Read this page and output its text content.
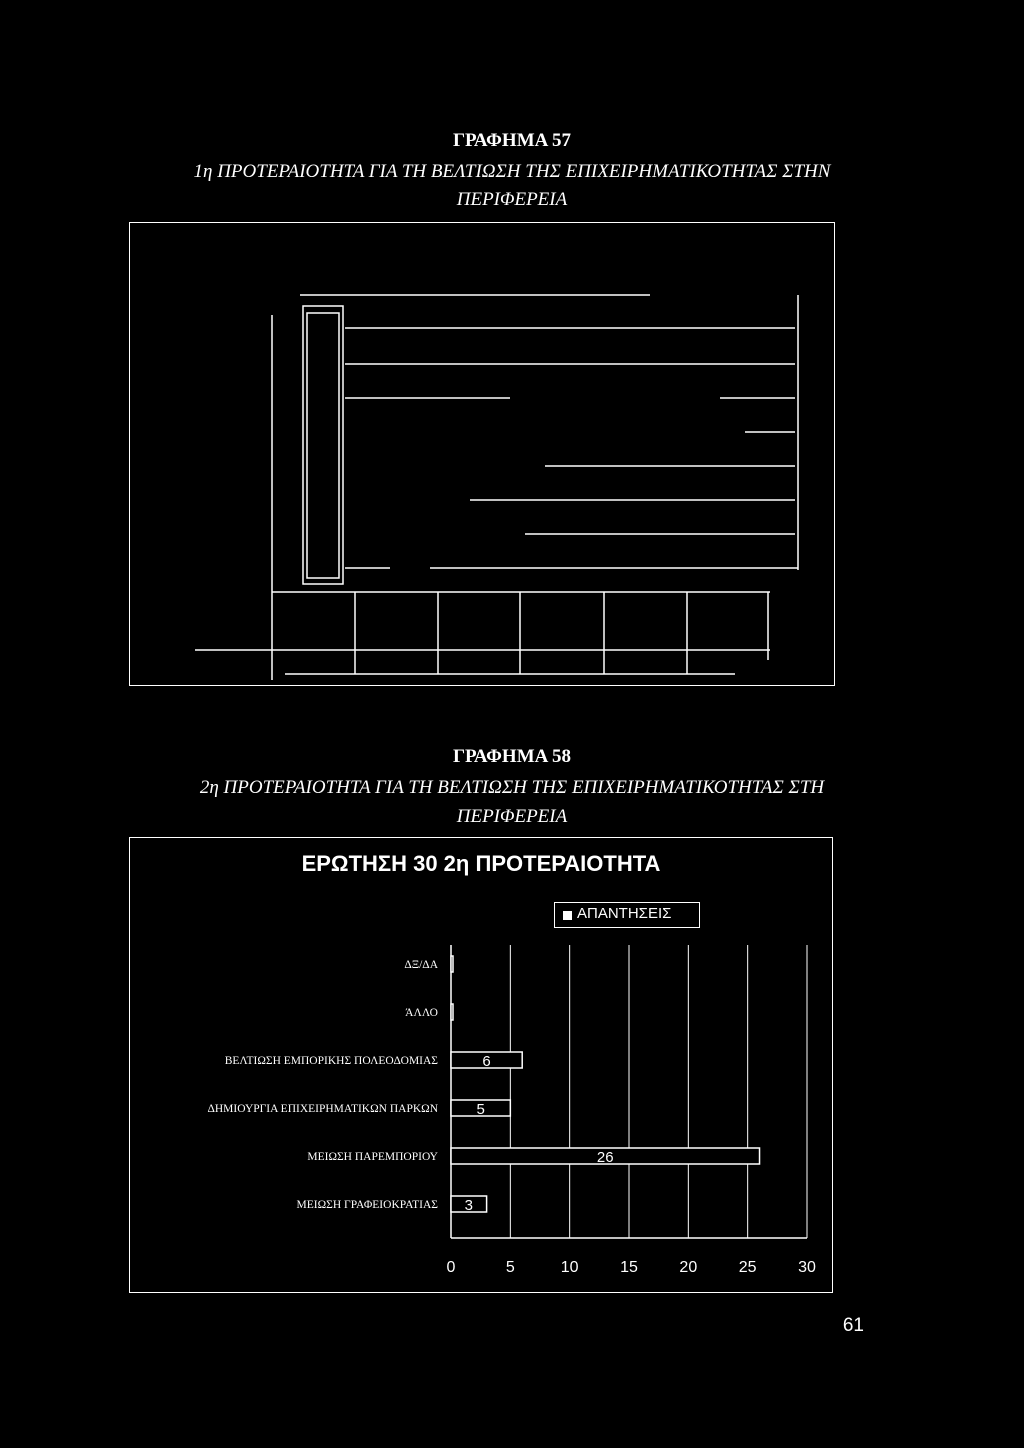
ΓΡΑΦΗΜΑ 57
1η ΠΡΟΤΕΡΑΙΟΤΗΤΑ ΓΙΑ ΤΗ ΒΕΛΤΙΩΣΗ ΤΗΣ ΕΠΙΧΕΙΡΗΜΑΤΙΚΟΤΗΤΑΣ ΣΤΗΝ
ΠΕΡΙΦΕΡΕΙΑ
ΓΡΑΦΗΜΑ 58
2η ΠΡΟΤΕΡΑΙΟΤΗΤΑ ΓΙΑ ΤΗ ΒΕΛΤΙΩΣΗ ΤΗΣ ΕΠΙΧΕΙΡΗΜΑΤΙΚΟΤΗΤΑΣ ΣΤΗ
ΠΕΡΙΦΕΡΕΙΑ
ΕΡΩΤΗΣΗ 30 2η ΠΡΟΤΕΡΑΙΟΤΗΤΑ
ΑΠΑΝΤΗΣΕΙΣ
0	5	10	15	20	25	30
ΔΞ/ΔΑ
ΆΛΛΟ
ΒΕΛΤΙΩΣΗ ΕΜΠΟΡΙΚΗΣ ΠΟΛΕΟΔΟΜΙΑΣ	6
ΔΗΜΙΟΥΡΓΙΑ ΕΠΙΧΕΙΡΗΜΑΤΙΚΩΝ ΠΑΡΚΩΝ	5
ΜΕΙΩΣΗ ΠΑΡΕΜΠΟΡΙΟΥ	26
ΜΕΙΩΣΗ ΓΡΑΦΕΙΟΚΡΑΤΙΑΣ 3
61
